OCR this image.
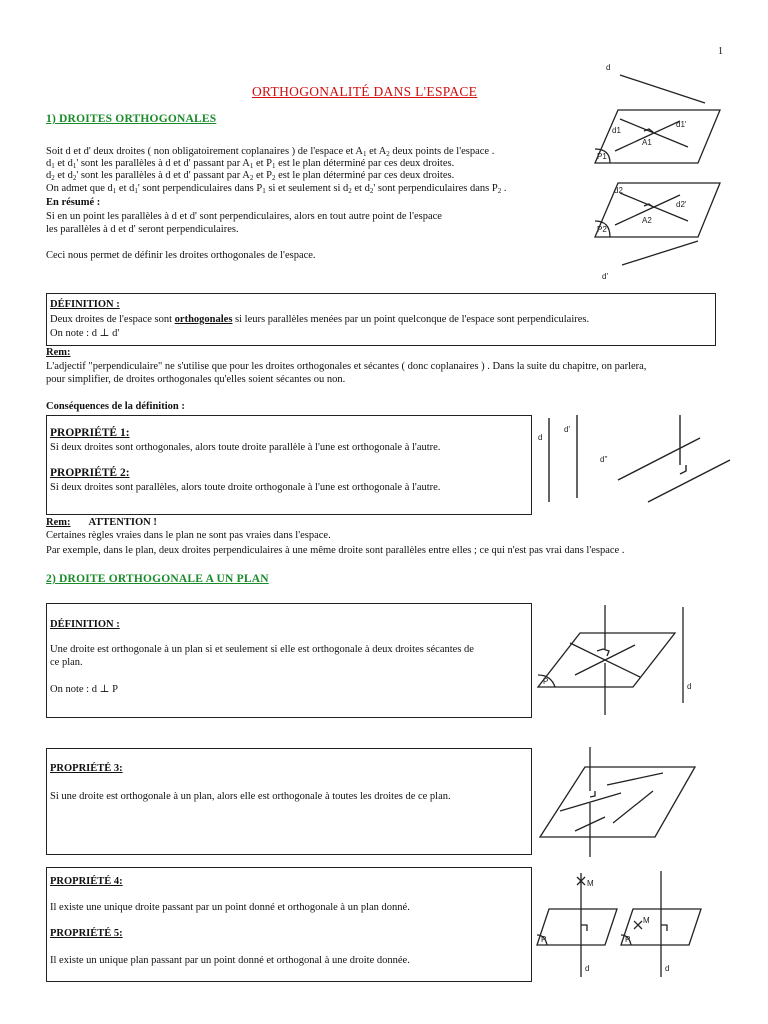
1
ORTHOGONALITÉ DANS L'ESPACE
1) DROITES ORTHOGONALES
Soit d et d' deux droites ( non obligatoirement coplanaires ) de l'espace et $A_1$ et $A_2$ deux points de l'espace .
$d_1$ et $d_1'$ sont les parallèles à d et d' passant par $A_1$ et $P_1$ est le plan déterminé par ces deux droites.
$d_2$ et $d_2'$ sont les parallèles à d et d' passant par $A_2$ et $P_2$ est le plan déterminé par ces deux droites.
On admet que $d_1$ et $d_1'$ sont perpendiculaires dans $P_1$ si et seulement si $d_2$ et $d_2'$ sont perpendiculaires dans $P_2$ .
En résumé :
Si en un point les parallèles à d et d' sont perpendiculaires, alors en tout autre point de l'espace
les parallèles à d et d' seront perpendiculaires.
Ceci nous permet de définir les droites orthogonales de l'espace.
DÉFINITION :
Deux droites de l'espace sont orthogonales si leurs parallèles menées par un point quelconque de l'espace sont perpendiculaires.
On note : d ⊥ d'
Rem:
L'adjectif "perpendiculaire" ne s'utilise que pour les droites orthogonales et sécantes ( donc coplanaires ) . Dans la suite du chapitre, on parlera,
pour simplifier, de droites orthogonales qu'elles soient sécantes ou non.
Conséquences de la définition :
PROPRIÉTÉ 1:
Si deux droites sont orthogonales, alors toute droite parallèle à l'une est orthogonale à l'autre.
PROPRIÉTÉ 2:
Si deux droites sont parallèles, alors toute droite orthogonale à l'une est orthogonale à l'autre.
Rem: ATTENTION !
Certaines règles vraies dans le plan ne sont pas vraies dans l'espace.
Par exemple, dans le plan, deux droites perpendiculaires à une même droite sont parallèles entre elles ; ce qui n'est pas vrai dans l'espace .
2) DROITE ORTHOGONALE A UN PLAN
DÉFINITION :
Une droite est orthogonale à un plan si et seulement si elle est orthogonale à deux droites sécantes de
ce plan.
On note : d ⊥ P
PROPRIÉTÉ 3:
Si une droite est orthogonale à un plan, alors elle est orthogonale à toutes les droites de ce plan.
PROPRIÉTÉ 4:
Il existe une unique droite passant par un point donné et orthogonale à un plan donné.
PROPRIÉTÉ 5:
Il existe un unique plan passant par un point donné et orthogonal à une droite donnée.
d
P1
d1
d1'
A1
P2
d2
d2'
A2
d'
d
d'
d''
P
d
P
M
d
P
M
d
